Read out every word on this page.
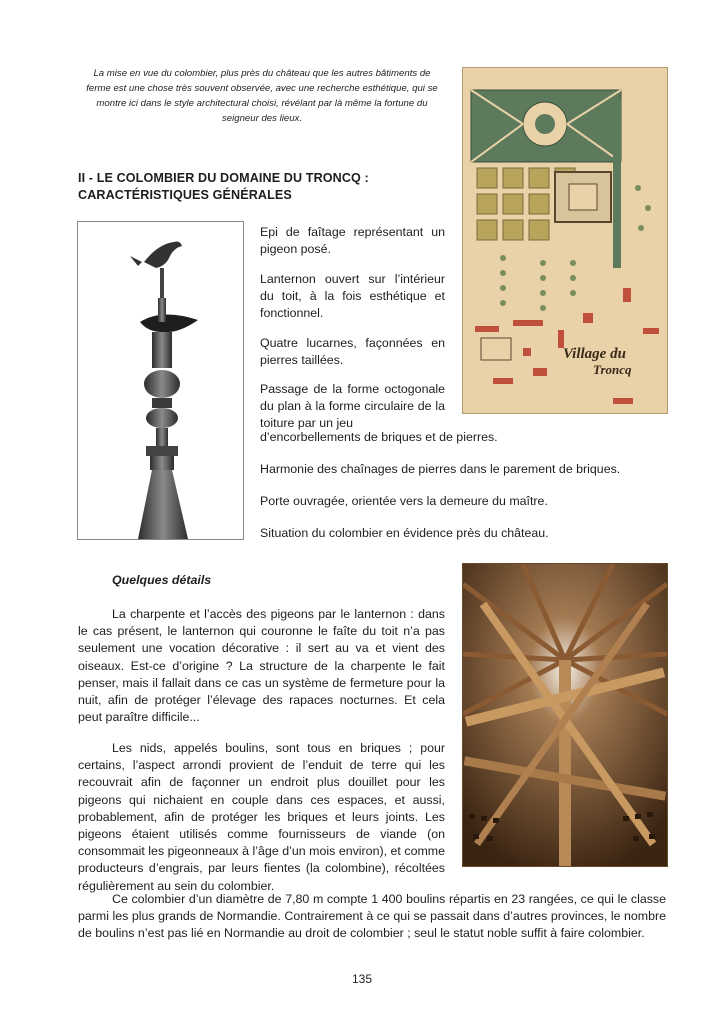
La mise en vue du colombier, plus près du château que les autres bâtiments de ferme est une chose très souvent observée, avec une recherche esthétique, qui se montre ici dans le style architectural choisi, révélant par là même la fortune du seigneur des lieux.
II - LE COLOMBIER DU DOMAINE DU TRONCQ :
CARACTÉRISTIQUES GÉNÉRALES
Village du
Troncq
Epi de faîtage représentant un pigeon posé.
Lanternon ouvert sur l’intérieur du toit, à la fois esthétique et fonctionnel.
Quatre lucarnes, façonnées en pierres taillées.
Passage de la forme octogonale du plan à la forme circulaire de la toiture par un jeu
d’encorbellements de briques et de pierres.
Harmonie des chaînages de pierres dans le parement de briques.
Porte ouvragée, orientée vers la demeure du maître.
Situation du colombier en évidence près du château.
Quelques détails
La charpente et l’accès des pigeons par le lanternon : dans le cas présent, le lanternon qui couronne le faîte du toit n’a pas seulement une vocation décorative : il sert au va et vient des oiseaux. Est-ce d’origine ? La structure de la charpente le fait penser, mais il fallait dans ce cas un système de fermeture pour la nuit, afin de protéger l’élevage des rapaces nocturnes. Et cela peut paraître difficile...
Les nids, appelés boulins, sont tous en briques ; pour certains, l’aspect arrondi provient de l’enduit de terre qui les recouvrait afin de façonner un endroit plus douillet pour les pigeons qui nichaient en couple dans ces espaces, et aussi, probablement, afin de protéger les briques et leurs joints. Les pigeons étaient utilisés comme fournisseurs de viande (on consommait les pigeonneaux à l’âge d’un mois environ), et comme producteurs d’engrais, par leurs fientes (la colombine), récoltées régulièrement au sein du colombier.
Ce colombier d’un diamètre de 7,80 m compte 1 400 boulins répartis en 23 rangées, ce qui le classe parmi les plus grands de Normandie. Contrairement à ce qui se passait dans d’autres provinces, le nombre de boulins n’est pas lié en Normandie au droit de colombier ; seul le statut noble suffit à faire colombier.
135
